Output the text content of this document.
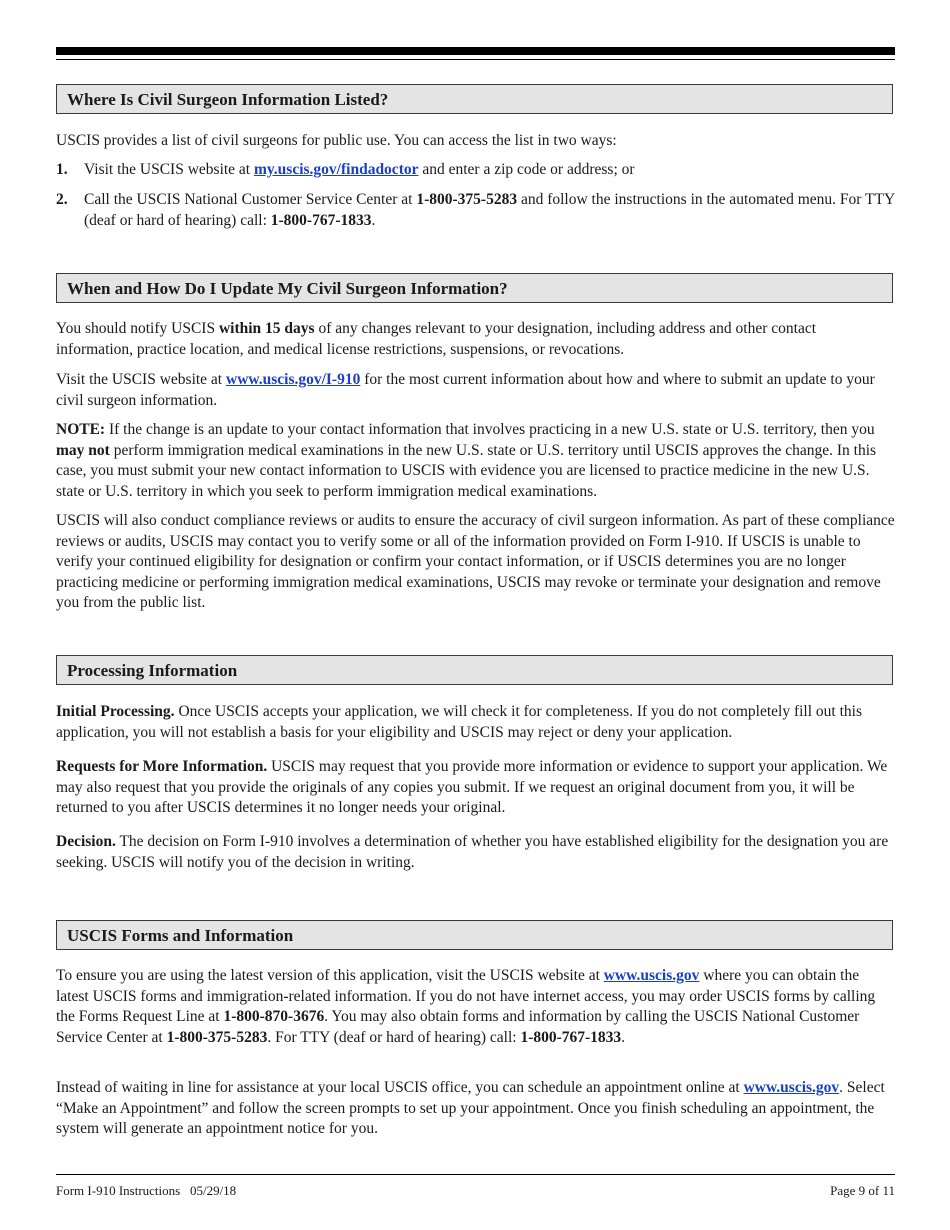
Where Is Civil Surgeon Information Listed?

USCIS provides a list of civil surgeons for public use. You can access the list in two ways:

1. Visit the USCIS website at my.uscis.gov/findadoctor and enter a zip code or address; or
2. Call the USCIS National Customer Service Center at 1-800-375-5283 and follow the instructions in the automated menu. For TTY (deaf or hard of hearing) call: 1-800-767-1833.
When and How Do I Update My Civil Surgeon Information?

You should notify USCIS within 15 days of any changes relevant to your designation, including address and other contact information, practice location, and medical license restrictions, suspensions, or revocations.

Visit the USCIS website at www.uscis.gov/I-910 for the most current information about how and where to submit an update to your civil surgeon information.

NOTE: If the change is an update to your contact information that involves practicing in a new U.S. state or U.S. territory, then you may not perform immigration medical examinations in the new U.S. state or U.S. territory until USCIS approves the change. In this case, you must submit your new contact information to USCIS with evidence you are licensed to practice medicine in the new U.S. state or U.S. territory in which you seek to perform immigration medical examinations.

USCIS will also conduct compliance reviews or audits to ensure the accuracy of civil surgeon information. As part of these compliance reviews or audits, USCIS may contact you to verify some or all of the information provided on Form I-910. If USCIS is unable to verify your continued eligibility for designation or confirm your contact information, or if USCIS determines you are no longer practicing medicine or performing immigration medical examinations, USCIS may revoke or terminate your designation and remove you from the public list.

Processing Information

Initial Processing. Once USCIS accepts your application, we will check it for completeness. If you do not completely fill out this application, you will not establish a basis for your eligibility and USCIS may reject or deny your application.

Requests for More Information. USCIS may request that you provide more information or evidence to support your application. We may also request that you provide the originals of any copies you submit. If we request an original document from you, it will be returned to you after USCIS determines it no longer needs your original.

Decision. The decision on Form I-910 involves a determination of whether you have established eligibility for the designation you are seeking. USCIS will notify you of the decision in writing.

USCIS Forms and Information

To ensure you are using the latest version of this application, visit the USCIS website at www.uscis.gov where you can obtain the latest USCIS forms and immigration-related information. If you do not have internet access, you may order USCIS forms by calling the Forms Request Line at 1-800-870-3676. You may also obtain forms and information by calling the USCIS National Customer Service Center at 1-800-375-5283. For TTY (deaf or hard of hearing) call: 1-800-767-1833.

Instead of waiting in line for assistance at your local USCIS office, you can schedule an appointment online at www.uscis.gov. Select “Make an Appointment” and follow the screen prompts to set up your appointment. Once you finish scheduling an appointment, the system will generate an appointment notice for you.

Form I-910 Instructions   05/29/18	Page 9 of 11
